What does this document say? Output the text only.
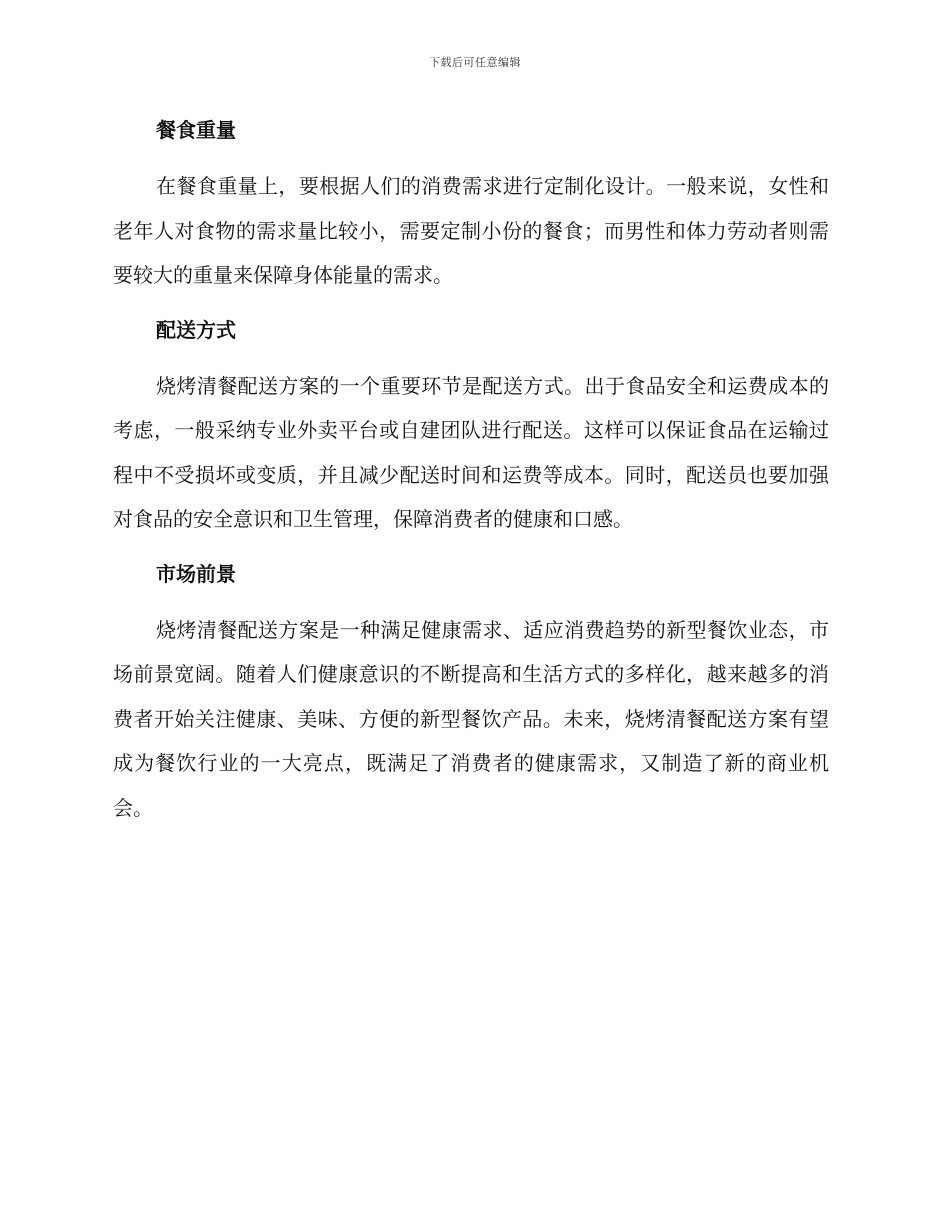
下载后可任意编辑
餐食重量

在餐食重量上，要根据人们的消费需求进行定制化设计。一般来说，女性和老年人对食物的需求量比较小，需要定制小份的餐食；而男性和体力劳动者则需要较大的重量来保障身体能量的需求。

配送方式

烧烤清餐配送方案的一个重要环节是配送方式。出于食品安全和运费成本的考虑，一般采纳专业外卖平台或自建团队进行配送。这样可以保证食品在运输过程中不受损坏或变质，并且减少配送时间和运费等成本。同时，配送员也要加强对食品的安全意识和卫生管理，保障消费者的健康和口感。

市场前景

烧烤清餐配送方案是一种满足健康需求、适应消费趋势的新型餐饮业态，市场前景宽阔。随着人们健康意识的不断提高和生活方式的多样化，越来越多的消费者开始关注健康、美味、方便的新型餐饮产品。未来，烧烤清餐配送方案有望成为餐饮行业的一大亮点，既满足了消费者的健康需求，又制造了新的商业机会。
